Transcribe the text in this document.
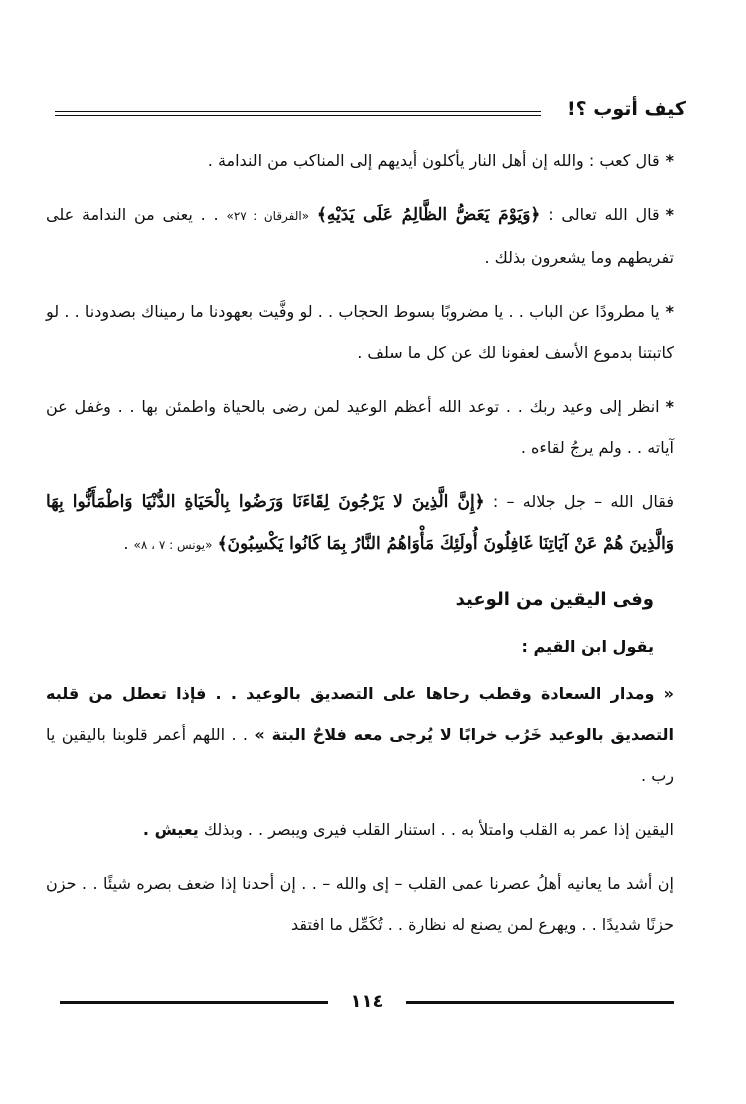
كيف أتوب ؟!

*قال كعب : والله إن أهل النار يأكلون أيديهم إلى المناكب من الندامة .

*قال الله تعالى : ﴿وَيَوْمَ يَعَضُّ الظَّالِمُ عَلَى يَدَيْهِ﴾ «الفرقان : ٢٧» . . يعنى من الندامة على تفريطهم وما يشعرون بذلك .

*يا مطرودًا عن الباب . . يا مضروبًا بسوط الحجاب . . لو وفَّيت بعهودنا ما رميناك بصدودنا . . لو كاتبتنا بدموع الأسف لعفونا لك عن كل ما سلف .

*انظر إلى وعيد ربك . . توعد الله أعظم الوعيد لمن رضى بالحياة واطمئن بها . . وغفل عن آياته . . ولم يرجُ لقاءه .

فقال الله – جل جلاله – : ﴿إِنَّ الَّذِينَ لا يَرْجُونَ لِقَاءَنَا وَرَضُوا بِالْحَيَاةِ الدُّنْيَا وَاطْمَأَنُّوا بِهَا وَالَّذِينَ هُمْ عَنْ آيَاتِنَا غَافِلُونَ أُولَئِكَ مَأْوَاهُمُ النَّارُ بِمَا كَانُوا يَكْسِبُونَ﴾ «يونس : ٧ ، ٨» .

وفى اليقين من الوعيد

يقول ابن القيم :

« ومدار السعادة وقطب رحاها على التصديق بالوعيد . . فإذا تعطل من قلبه التصديق بالوعيد خَرُب خرابًا لا يُرجى معه فلاحٌ البتة » . . اللهم أعمر قلوبنا باليقين يا رب .

اليقين إذا عمر به القلب وامتلأ به . . استنار القلب فيرى ويبصر . . وبذلك يعيش .

إن أشد ما يعانيه أهلُ عصرنا عمى القلب – إى والله – . . إن أحدنا إذا ضعف بصره شيئًا . . حزن حزنًا شديدًا . . ويهرع لمن يصنع له نظارة . . تُكَمِّل ما افتقد

١١٤
